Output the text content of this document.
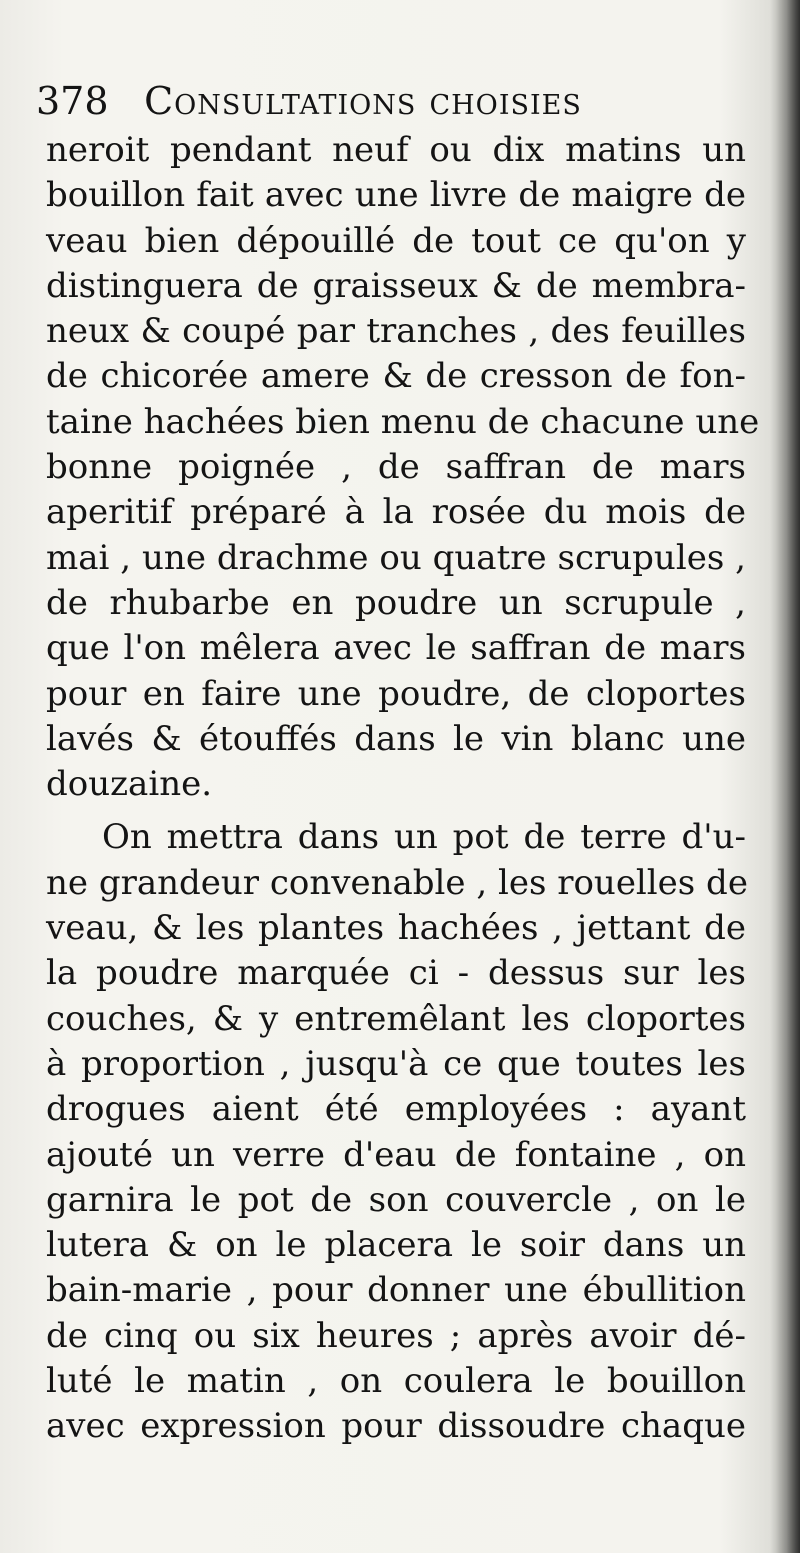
378 Consultations choisies
neroit pendant neuf ou dix matins un
bouillon fait avec une livre de maigre de
veau bien dépouillé de tout ce qu'on y
distinguera de graisseux & de membra-
neux & coupé par tranches , des feuilles
de chicorée amere & de cresson de fon-
taine hachées bien menu de chacune une
bonne poignée , de saffran de mars
aperitif préparé à la rosée du mois de
mai , une drachme ou quatre scrupules ,
de rhubarbe en poudre un scrupule ,
que l'on mêlera avec le saffran de mars
pour en faire une poudre, de cloportes
lavés & étouffés dans le vin blanc une
douzaine.
On mettra dans un pot de terre d'u-
ne grandeur convenable , les rouelles de
veau, & les plantes hachées , jettant de
la poudre marquée ci - dessus sur les
couches, & y entremêlant les cloportes
à proportion , jusqu'à ce que toutes les
drogues aient été employées : ayant
ajouté un verre d'eau de fontaine , on
garnira le pot de son couvercle , on le
lutera & on le placera le soir dans un
bain-marie , pour donner une ébullition
de cinq ou six heures ; après avoir dé-
luté le matin , on coulera le bouillon
avec expression pour dissoudre chaque
